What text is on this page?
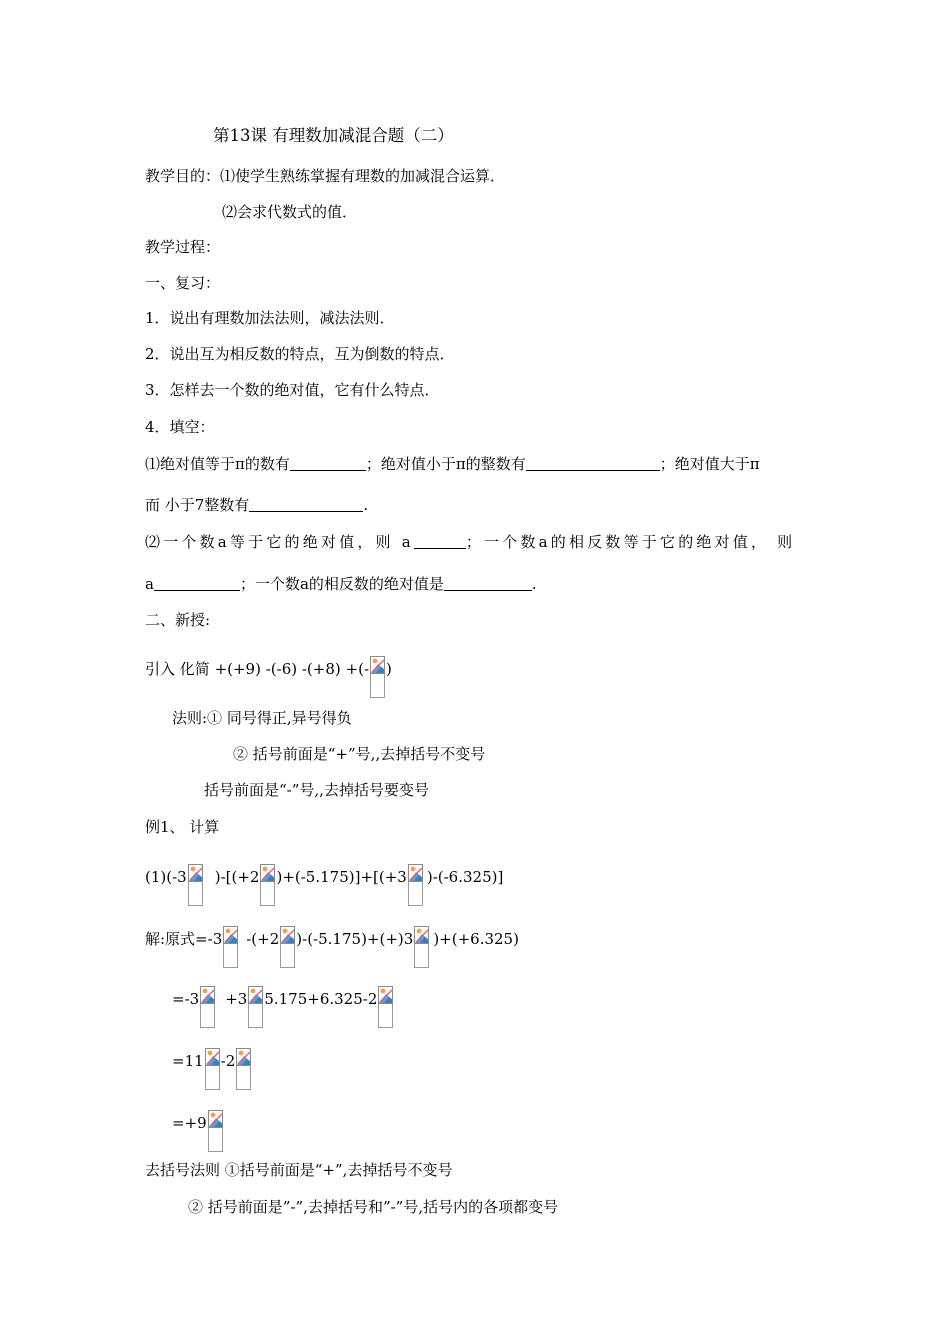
第13课 有理数加减混合题（二）
教学目的：⑴使学生熟练掌握有理数的加减混合运算．
⑵会求代数式的值．
教学过程：
一、复习：
1．说出有理数加法法则，减法法则．
2．说出互为相反数的特点，互为倒数的特点．
3．怎样去一个数的绝对值，它有什么特点．
4．填空：
⑴绝对值等于π的数有	；绝对值小于π的整数有	；绝对值大于π
而 小于7整数有	.
⑵一个数a等于它的绝对值，则 a	；一个数a的相反数等于它的绝对值， 则
a	；一个数a的相反数的绝对值是	.
二、新授:
引入 化简 +(+9) -(-6) -(+8) +(- )
法则:① 同号得正,异号得负
② 括号前面是“+”号,,去掉括号不变号
括号前面是“-”号,,去掉括号要变号
例1、 计算
(1)(-3 )-[(+2 )+(-5.175)]+[(+3 )-(-6.325)]
解:原式=-3 -(+2 )-(-5.175)+(+)3 )+(+6.325)
=-3 +3 5.175+6.325-2
=11 -2
=+9
去括号法则 ①括号前面是“+”,去掉括号不变号
② 括号前面是”-”,去掉括号和”-”号,括号内的各项都变号
